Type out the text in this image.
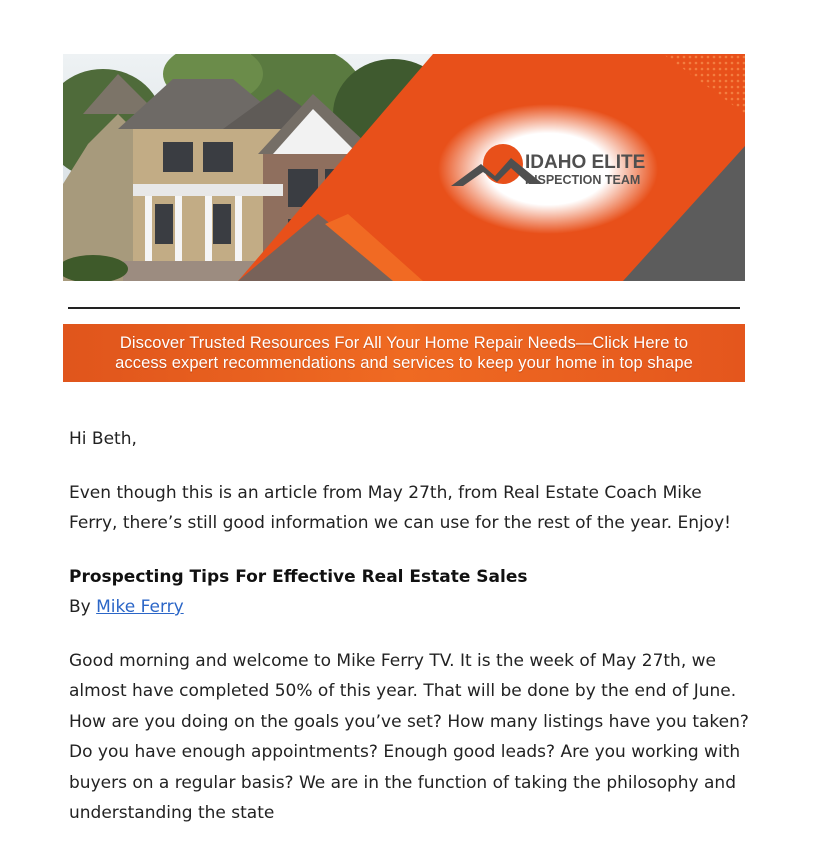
IDAHO ELITE
INSPECTION TEAM
Discover Trusted Resources For All Your Home Repair Needs—Click Here to
access expert recommendations and services to keep your home in top shape

Hi Beth,

Even though this is an article from May 27th, from Real Estate Coach Mike Ferry, there’s still good information we can use for the rest of the year. Enjoy!

Prospecting Tips For Effective Real Estate Sales

By Mike Ferry

Good morning and welcome to Mike Ferry TV. It is the week of May 27th, we almost have completed 50% of this year. That will be done by the end of June. How are you doing on the goals you’ve set? How many listings have you taken? Do you have enough appointments? Enough good leads? Are you working with buyers on a regular basis? We are in the function of taking the philosophy and understanding the state
